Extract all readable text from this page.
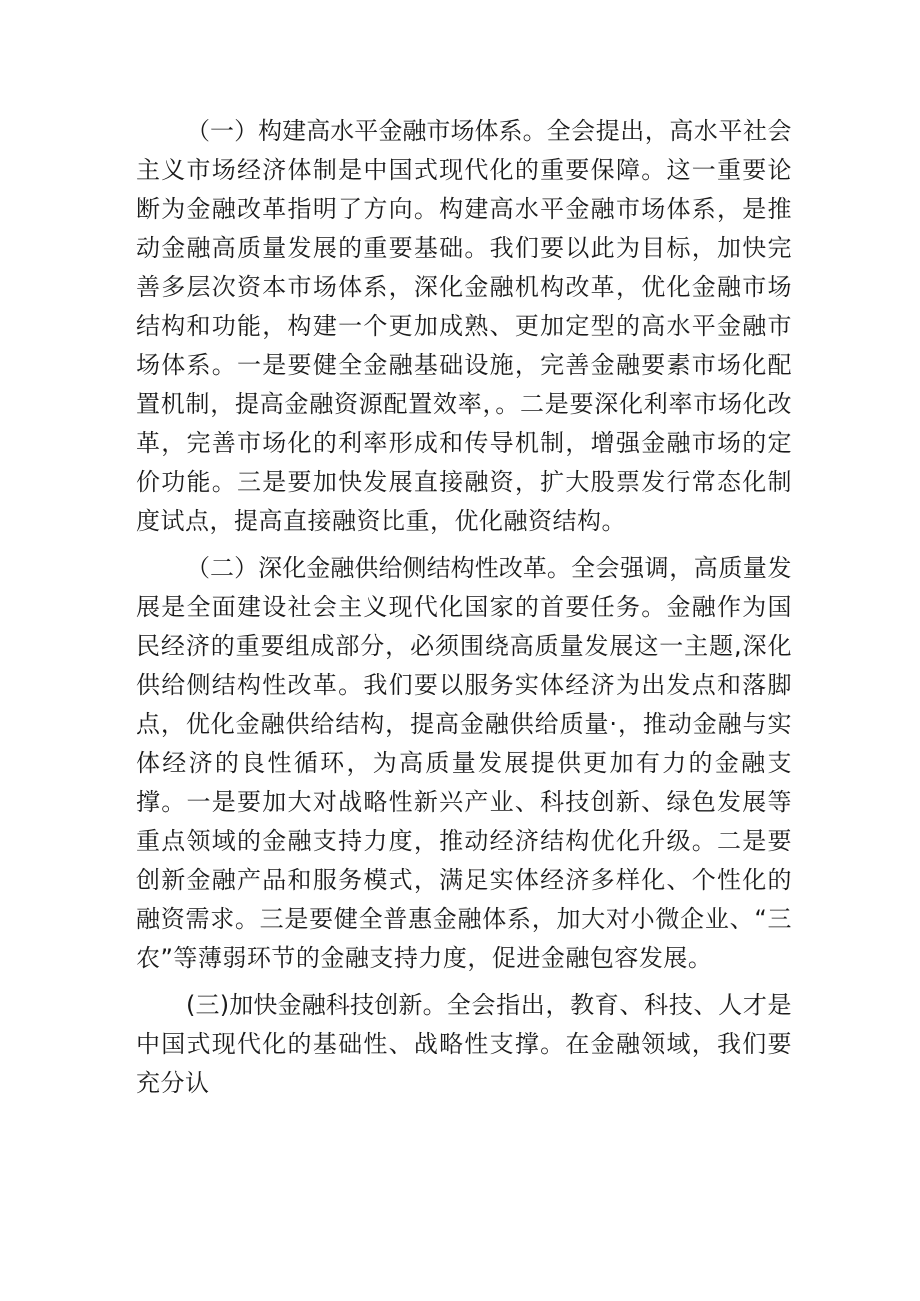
（一）构建高水平金融市场体系。全会提出，高水平社会主义市场经济体制是中国式现代化的重要保障。这一重要论断为金融改革指明了方向。构建高水平金融市场体系，是推动金融高质量发展的重要基础。我们要以此为目标，加快完善多层次资本市场体系，深化金融机构改革，优化金融市场结构和功能，构建一个更加成熟、更加定型的高水平金融市场体系。一是要健全金融基础设施，完善金融要素市场化配置机制，提高金融资源配置效率，。二是要深化利率市场化改革，完善市场化的利率形成和传导机制，增强金融市场的定价功能。三是要加快发展直接融资，扩大股票发行常态化制度试点，提高直接融资比重，优化融资结构。

（二）深化金融供给侧结构性改革。全会强调，高质量发展是全面建设社会主义现代化国家的首要任务。金融作为国民经济的重要组成部分，必须围绕高质量发展这一主题,深化供给侧结构性改革。我们要以服务实体经济为出发点和落脚点，优化金融供给结构，提高金融供给质量·，推动金融与实体经济的良性循环，为高质量发展提供更加有力的金融支撑。一是要加大对战略性新兴产业、科技创新、绿色发展等重点领域的金融支持力度，推动经济结构优化升级。二是要创新金融产品和服务模式，满足实体经济多样化、个性化的融资需求。三是要健全普惠金融体系，加大对小微企业、“三农”等薄弱环节的金融支持力度，促进金融包容发展。

(三)加快金融科技创新。全会指出，教育、科技、人才是中国式现代化的基础性、战略性支撑。在金融领域，我们要充分认
